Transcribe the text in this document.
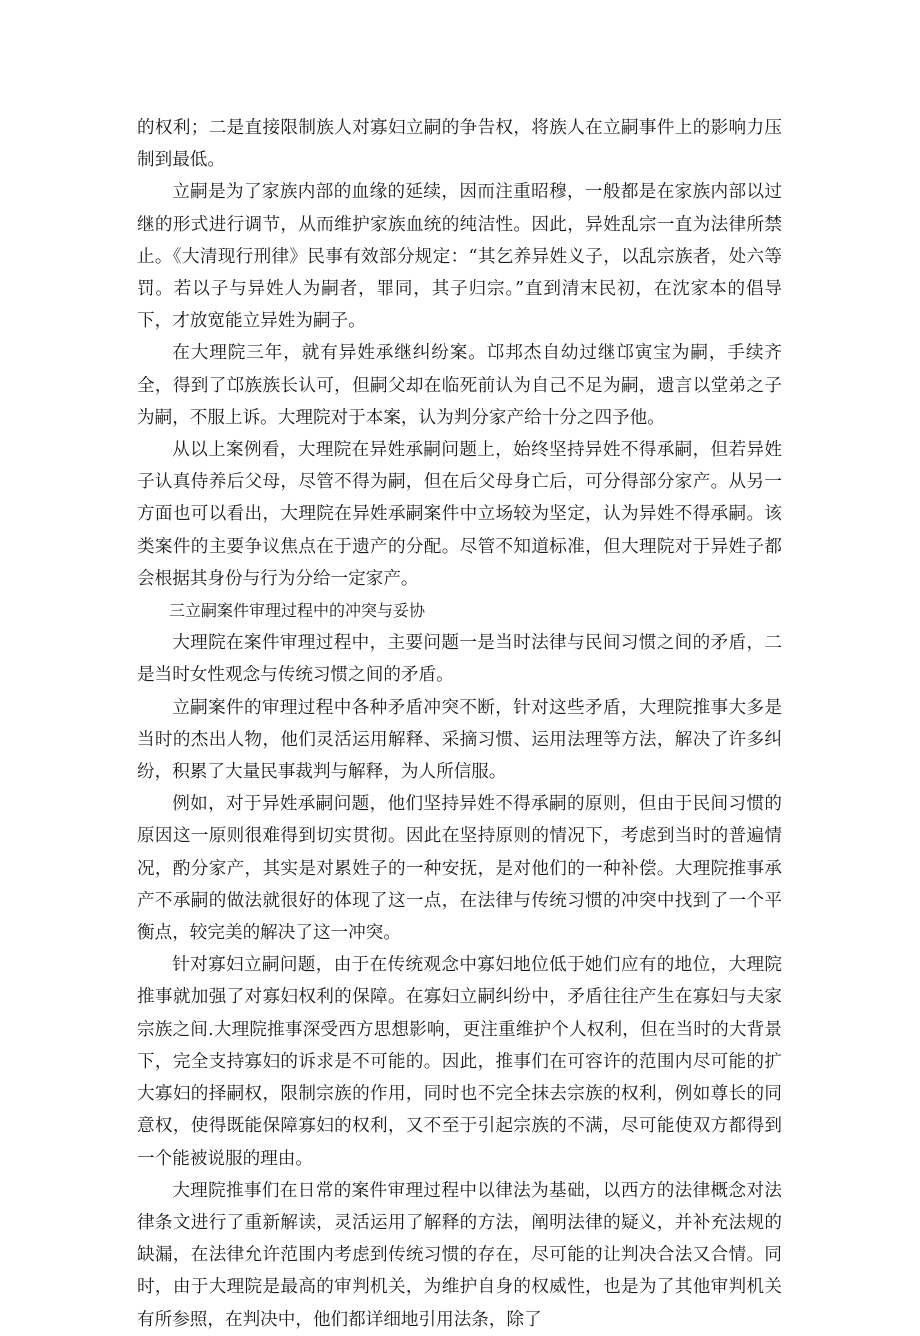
的权利；二是直接限制族人对寡妇立嗣的争告权，将族人在立嗣事件上的影响力压制到最低。

立嗣是为了家族内部的血缘的延续，因而注重昭穆，一般都是在家族内部以过继的形式进行调节，从而维护家族血统的纯洁性。因此，异姓乱宗一直为法律所禁止。《大清现行刑律》民事有效部分规定：“其乞养异姓义子，以乱宗族者，处六等罚。若以子与异姓人为嗣者，罪同，其子归宗。”直到清末民初，在沈家本的倡导下，才放宽能立异姓为嗣子。

在大理院三年，就有异姓承继纠纷案。邙邦杰自幼过继邙寅宝为嗣，手续齐全，得到了邙族族长认可，但嗣父却在临死前认为自己不足为嗣，遗言以堂弟之子为嗣，不服上诉。大理院对于本案，认为判分家产给十分之四予他。

从以上案例看，大理院在异姓承嗣问题上，始终坚持异姓不得承嗣，但若异姓子认真侍养后父母，尽管不得为嗣，但在后父母身亡后，可分得部分家产。从另一方面也可以看出，大理院在异姓承嗣案件中立场较为坚定，认为异姓不得承嗣。该类案件的主要争议焦点在于遗产的分配。尽管不知道标准，但大理院对于异姓子都会根据其身份与行为分给一定家产。

三立嗣案件审理过程中的冲突与妥协

大理院在案件审理过程中，主要问题一是当时法律与民间习惯之间的矛盾，二是当时女性观念与传统习惯之间的矛盾。

立嗣案件的审理过程中各种矛盾冲突不断，针对这些矛盾，大理院推事大多是当时的杰出人物，他们灵活运用解释、采摘习惯、运用法理等方法，解决了许多纠纷，积累了大量民事裁判与解释，为人所信服。

例如，对于异姓承嗣问题，他们坚持异姓不得承嗣的原则，但由于民间习惯的原因这一原则很难得到切实贯彻。因此在坚持原则的情况下，考虑到当时的普遍情况，酌分家产，其实是对累姓子的一种安抚，是对他们的一种补偿。大理院推事承产不承嗣的做法就很好的体现了这一点，在法律与传统习惯的冲突中找到了一个平衡点，较完美的解决了这一冲突。

针对寡妇立嗣问题，由于在传统观念中寡妇地位低于她们应有的地位，大理院推事就加强了对寡妇权利的保障。在寡妇立嗣纠纷中，矛盾往往产生在寡妇与夫家宗族之间.大理院推事深受西方思想影响，更注重维护个人权利，但在当时的大背景下，完全支持寡妇的诉求是不可能的。因此，推事们在可容许的范围内尽可能的扩大寡妇的择嗣权，限制宗族的作用，同时也不完全抹去宗族的权利，例如尊长的同意权，使得既能保障寡妇的权利，又不至于引起宗族的不满，尽可能使双方都得到一个能被说服的理由。

大理院推事们在日常的案件审理过程中以律法为基础，以西方的法律概念对法律条文进行了重新解读，灵活运用了解释的方法，阐明法律的疑义，并补充法规的缺漏，在法律允许范围内考虑到传统习惯的存在，尽可能的让判决合法又合情。同时，由于大理院是最高的审判机关，为维护自身的权威性，也是为了其他审判机关有所参照，在判决中，他们都详细地引用法条，除了
